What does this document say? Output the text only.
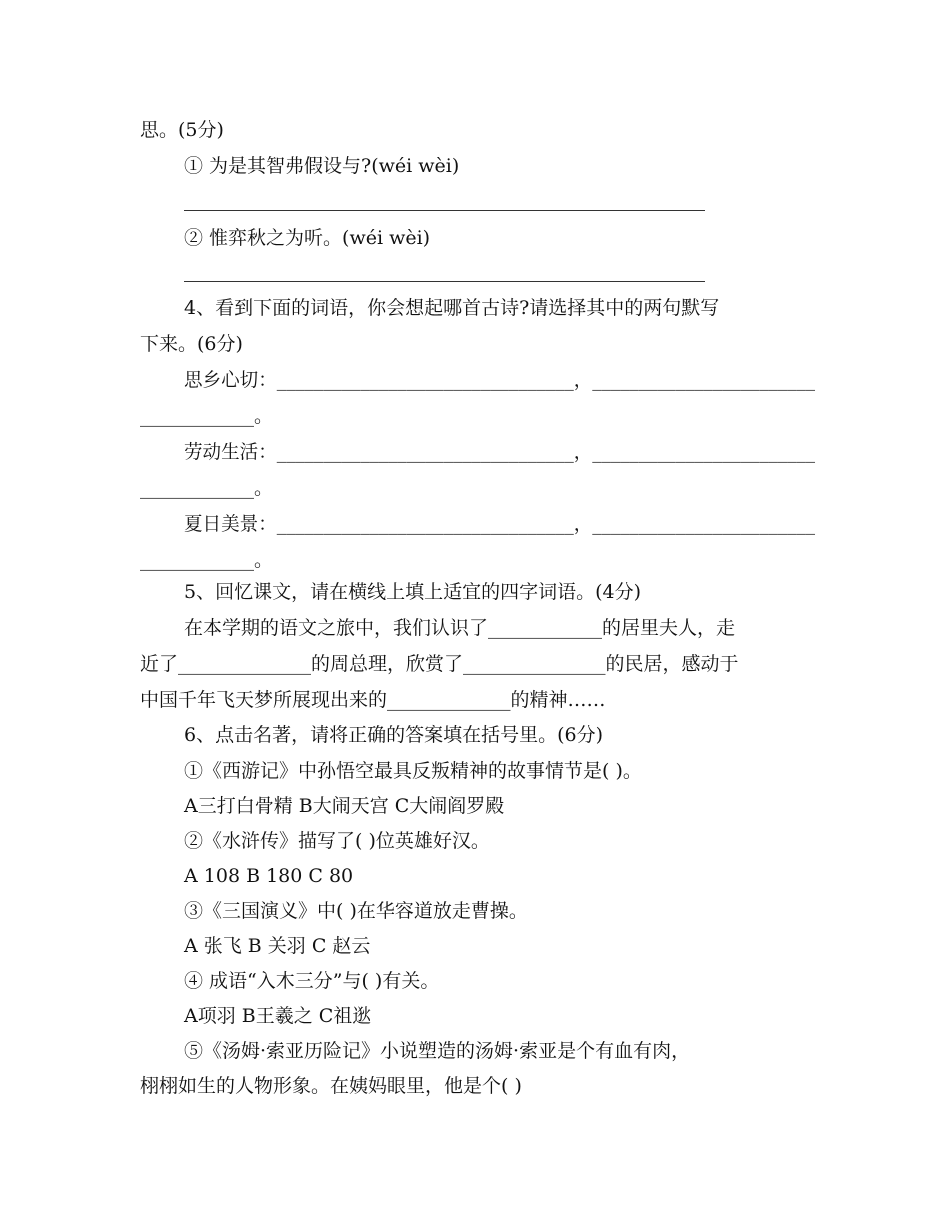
思。(5分)
① 为是其智弗假设与?(wéi wèi)
② 惟弈秋之为听。(wéi wèi)
4、看到下面的词语，你会想起哪首古诗?请选择其中的两句默写
下来。(6分)
思乡心切：________________________________，________________________
____________。
劳动生活：________________________________，________________________
____________。
夏日美景：________________________________，________________________
____________。
5、回忆课文，请在横线上填上适宜的四字词语。(4分)
在本学期的语文之旅中，我们认识了____________的居里夫人，走
近了______________的周总理，欣赏了_______________的民居，感动于
中国千年飞天梦所展现出来的_____________的精神……
6、点击名著，请将正确的答案填在括号里。(6分)
①《西游记》中孙悟空最具反叛精神的故事情节是( )。
A三打白骨精 B大闹天宫 C大闹阎罗殿
②《水浒传》描写了( )位英雄好汉。
A 108 B 180 C 80
③《三国演义》中( )在华容道放走曹操。
A 张飞 B 关羽 C 赵云
④ 成语“入木三分”与( )有关。
A项羽 B王羲之 C祖逖
⑤《汤姆·索亚历险记》小说塑造的汤姆·索亚是个有血有肉，
栩栩如生的人物形象。在姨妈眼里，他是个( )
